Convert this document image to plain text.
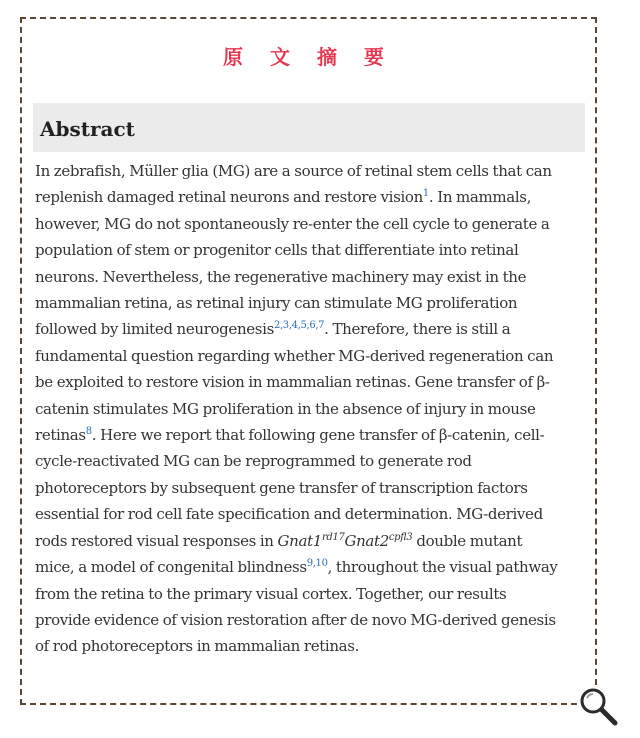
原 文 摘 要
Abstract

In zebrafish, Müller glia (MG) are a source of retinal stem cells that can replenish damaged retinal neurons and restore vision$^1$. In mammals, however, MG do not spontaneously re-enter the cell cycle to generate a population of stem or progenitor cells that differentiate into retinal neurons. Nevertheless, the regenerative machinery may exist in the mammalian retina, as retinal injury can stimulate MG proliferation followed by limited neurogenesis$^{2,3,4,5,6,7}$. Therefore, there is still a fundamental question regarding whether MG-derived regeneration can be exploited to restore vision in mammalian retinas. Gene transfer of β-catenin stimulates MG proliferation in the absence of injury in mouse retinas$^8$. Here we report that following gene transfer of β-catenin, cell-cycle-reactivated MG can be reprogrammed to generate rod photoreceptors by subsequent gene transfer of transcription factors essential for rod cell fate specification and determination. MG-derived rods restored visual responses in $Gnat1^{rd17}Gnat2^{cpfl3}$ double mutant mice, a model of congenital blindness$^{9,10}$, throughout the visual pathway from the retina to the primary visual cortex. Together, our results provide evidence of vision restoration after de novo MG-derived genesis of rod photoreceptors in mammalian retinas.
